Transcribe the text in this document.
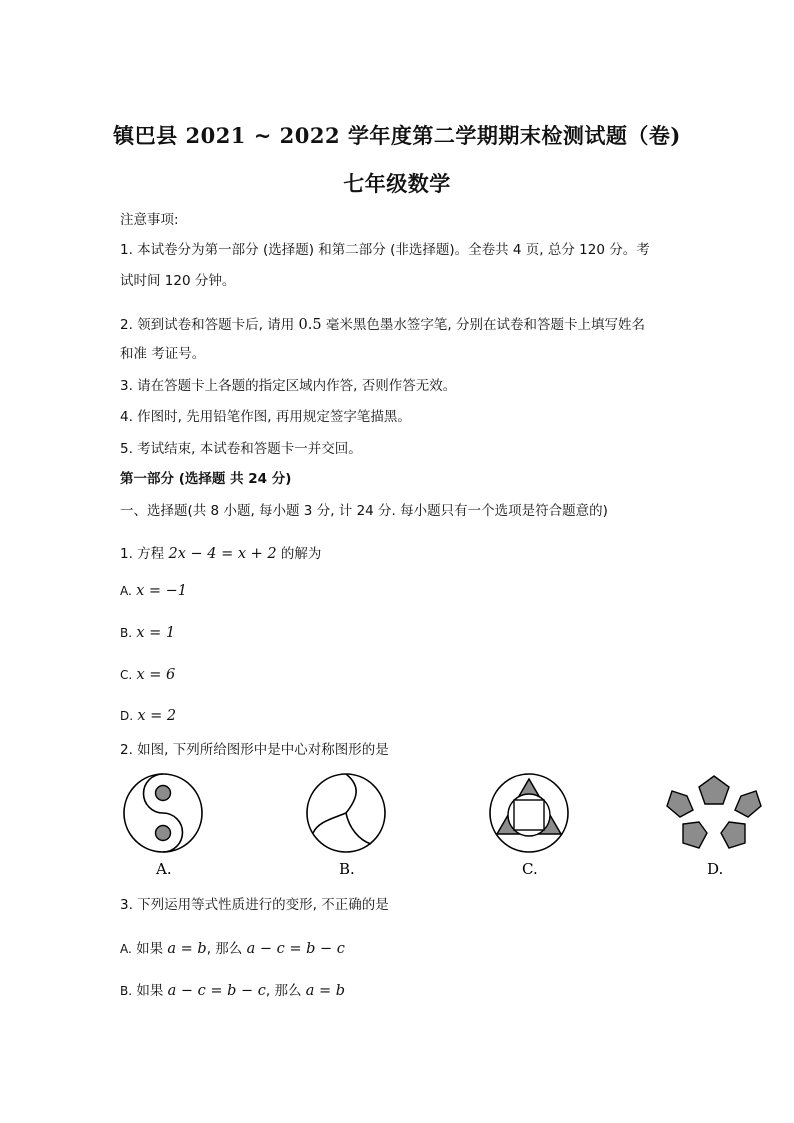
镇巴县 2021 ~ 2022 学年度第二学期期末检测试题（卷)
七年级数学
注意事项:
1. 本试卷分为第一部分 (选择题) 和第二部分 (非选择题)。全卷共 4 页, 总分 120 分。考
试时间 120 分钟。
2. 领到试卷和答题卡后, 请用 0.5 毫米黑色墨水签字笔, 分别在试卷和答题卡上填写姓名
和准 考证号。
3. 请在答题卡上各题的指定区域内作答, 否则作答无效。
4. 作图时, 先用铅笔作图, 再用规定签字笔描黑。
5. 考试结束, 本试卷和答题卡一并交回。
第一部分 (选择题 共 24 分)
一、选择题(共 8 小题, 每小题 3 分, 计 24 分. 每小题只有一个选项是符合题意的)
1. 方程 2x − 4 = x + 2 的解为
A. x = −1
B. x = 1
C. x = 6
D. x = 2
2. 如图, 下列所给图形中是中心对称图形的是
A.	B.	C.	D.
3. 下列运用等式性质进行的变形, 不正确的是
A. 如果 a = b, 那么 a − c = b − c
B. 如果 a − c = b − c, 那么 a = b
